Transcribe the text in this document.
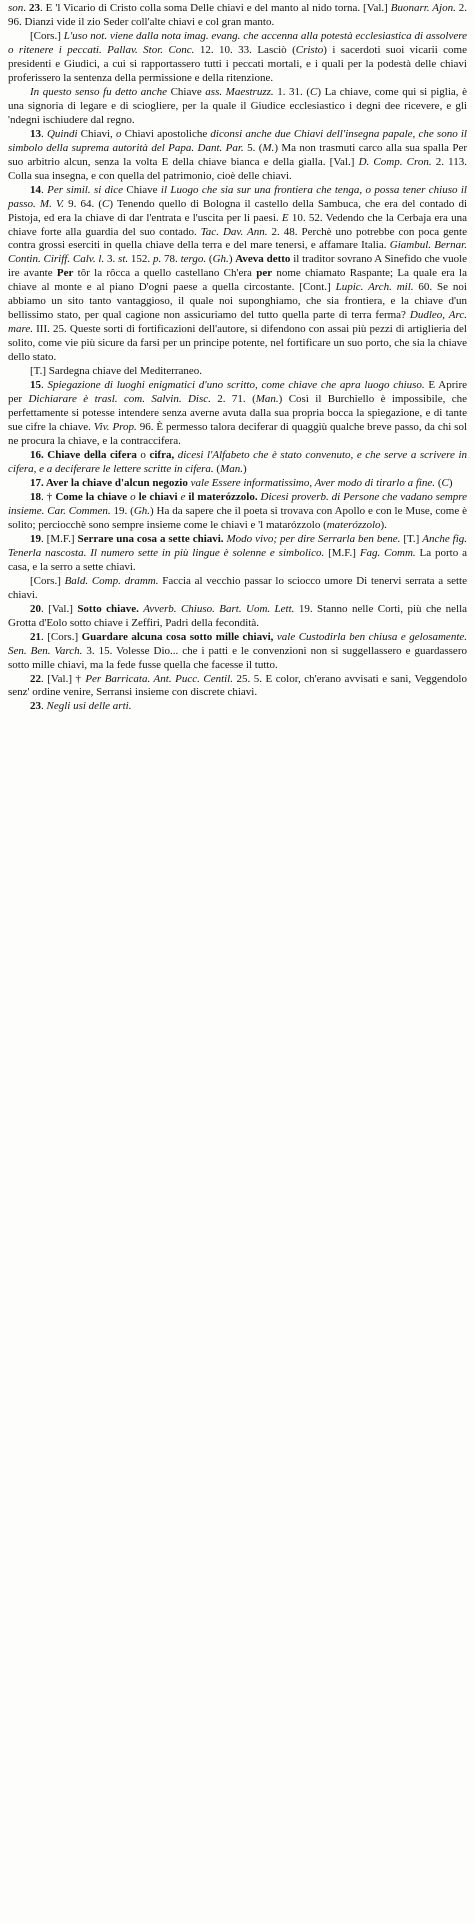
son. 23. E 'l Vicario di Cristo colla soma Delle chiavi e del manto al nido torna. [Val.] Buonarr. Ajon. 2. 96. Dianzi vide il zio Seder coll'alte chiavi e col gran manto.

[Cors.] L'uso not. viene dalla nota imag. evang. che accenna alla potestà ecclesiastica di assolvere o ritenere i peccati. Pallav. Stor. Conc. 12. 10. 33. Lasciò (Cristo) i sacerdoti suoi vicarii come presidenti e Giudici, a cui si rapportassero tutti i peccati mortali, e i quali per la podestà delle chiavi proferissero la sentenza della permissione e della ritenzione.

In questo senso fu detto anche Chiave ass. Maestruzz. 1. 31. (C) La chiave, come qui si piglia, è una signoria di legare e di sciogliere, per la quale il Giudice ecclesiastico i degni dee ricevere, e gli 'ndegni ischiudere dal regno.

13. Quindi Chiavi, o Chiavi apostoliche diconsi anche due Chiavi dell'insegna papale, che sono il simbolo della suprema autorità del Papa. Dant. Par. 5. (M.) Ma non trasmuti carco alla sua spalla Per suo arbitrio alcun, senza la volta E della chiave bianca e della gialla. [Val.] D. Comp. Cron. 2. 113. Colla sua insegna, e con quella del patrimonio, cioè delle chiavi.

14. Per simil. si dice Chiave il Luogo che sia sur una frontiera che tenga, o possa tener chiuso il passo. M. V. 9. 64. (C) Tenendo quello di Bologna il castello della Sambuca, che era del contado di Pistoja, ed era la chiave di dar l'entrata e l'uscita per li paesi. E 10. 52. Vedendo che la Cerbaja era una chiave forte alla guardia del suo contado. Tac. Dav. Ann. 2. 48. Perchè uno potrebbe con poca gente contra grossi eserciti in quella chiave della terra e del mare tenersi, e affamare Italia. Giambul. Bernar. Contin. Ciriff. Calv. l. 3. st. 152. p. 78. tergo. (Gh.) Aveva detto il traditor sovrano A Sinefido che vuole ire avante Per tôr la rôcca a quello castellano Ch'era per nome chiamato Raspante; La quale era la chiave al monte e al piano D'ogni paese a quella circostante. [Cont.] Lupic. Arch. mil. 60. Se noi abbiamo un sito tanto vantaggioso, il quale noi suponghiamo, che sia frontiera, e la chiave d'un bellissimo stato, per qual cagione non assicuriamo del tutto quella parte di terra ferma? Dudleo, Arc. mare. III. 25. Queste sorti di fortificazioni dell'autore, si difendono con assai più pezzi di artiglieria del solito, come vie più sicure da farsi per un principe potente, nel fortificare un suo porto, che sia la chiave dello stato.

[T.] Sardegna chiave del Mediterraneo.

15. Spiegazione di luoghi enigmatici d'uno scritto, come chiave che apra luogo chiuso. E Aprire per Dichiarare è trasl. com. Salvin. Disc. 2. 71. (Man.) Così il Burchiello è impossibile, che perfettamente si potesse intendere senza averne avuta dalla sua propria bocca la spiegazione, e di tante sue cifre la chiave. Viv. Prop. 96. È permesso talora deciferar di quaggiù qualche breve passo, da chi sol ne procura la chiave, e la contraccifera.

16. Chiave della cifera o cifra, dicesi l'Alfabeto che è stato convenuto, e che serve a scrivere in cifera, e a deciferare le lettere scritte in cifera. (Man.)

17. Aver la chiave d'alcun negozio vale Essere informatissimo, Aver modo di tirarlo a fine. (C)

18. † Come la chiave o le chiavi e il materózzolo. Dicesi proverb. di Persone che vadano sempre insieme. Car. Commen. 19. (Gh.) Ha da sapere che il poeta si trovava con Apollo e con le Muse, come è solito; perciocchè sono sempre insieme come le chiavi e 'l matarózzolo (materózzolo).

19. [M.F.] Serrare una cosa a sette chiavi. Modo vivo; per dire Serrarla ben bene. [T.] Anche fig. Tenerla nascosta. Il numero sette in più lingue è solenne e simbolico. [M.F.] Fag. Comm. La porto a casa, e la serro a sette chiavi.

[Cors.] Bald. Comp. dramm. Faccia al vecchio passar lo sciocco umore Di tenervi serrata a sette chiavi.

20. [Val.] Sotto chiave. Avverb. Chiuso. Bart. Uom. Lett. 19. Stanno nelle Corti, più che nella Grotta d'Eolo sotto chiave i Zeffiri, Padri della fecondità.

21. [Cors.] Guardare alcuna cosa sotto mille chiavi, vale Custodirla ben chiusa e gelosamente. Sen. Ben. Varch. 3. 15. Volesse Dio... che i patti e le convenzioni non si suggellassero e guardassero sotto mille chiavi, ma la fede fusse quella che facesse il tutto.

22. [Val.] † Per Barricata. Ant. Pucc. Centil. 25. 5. E color, ch'erano avvisati e sani, Veggendolo senz' ordine venire, Serransi insieme con discrete chiavi.

23. Negli usi delle arti.
